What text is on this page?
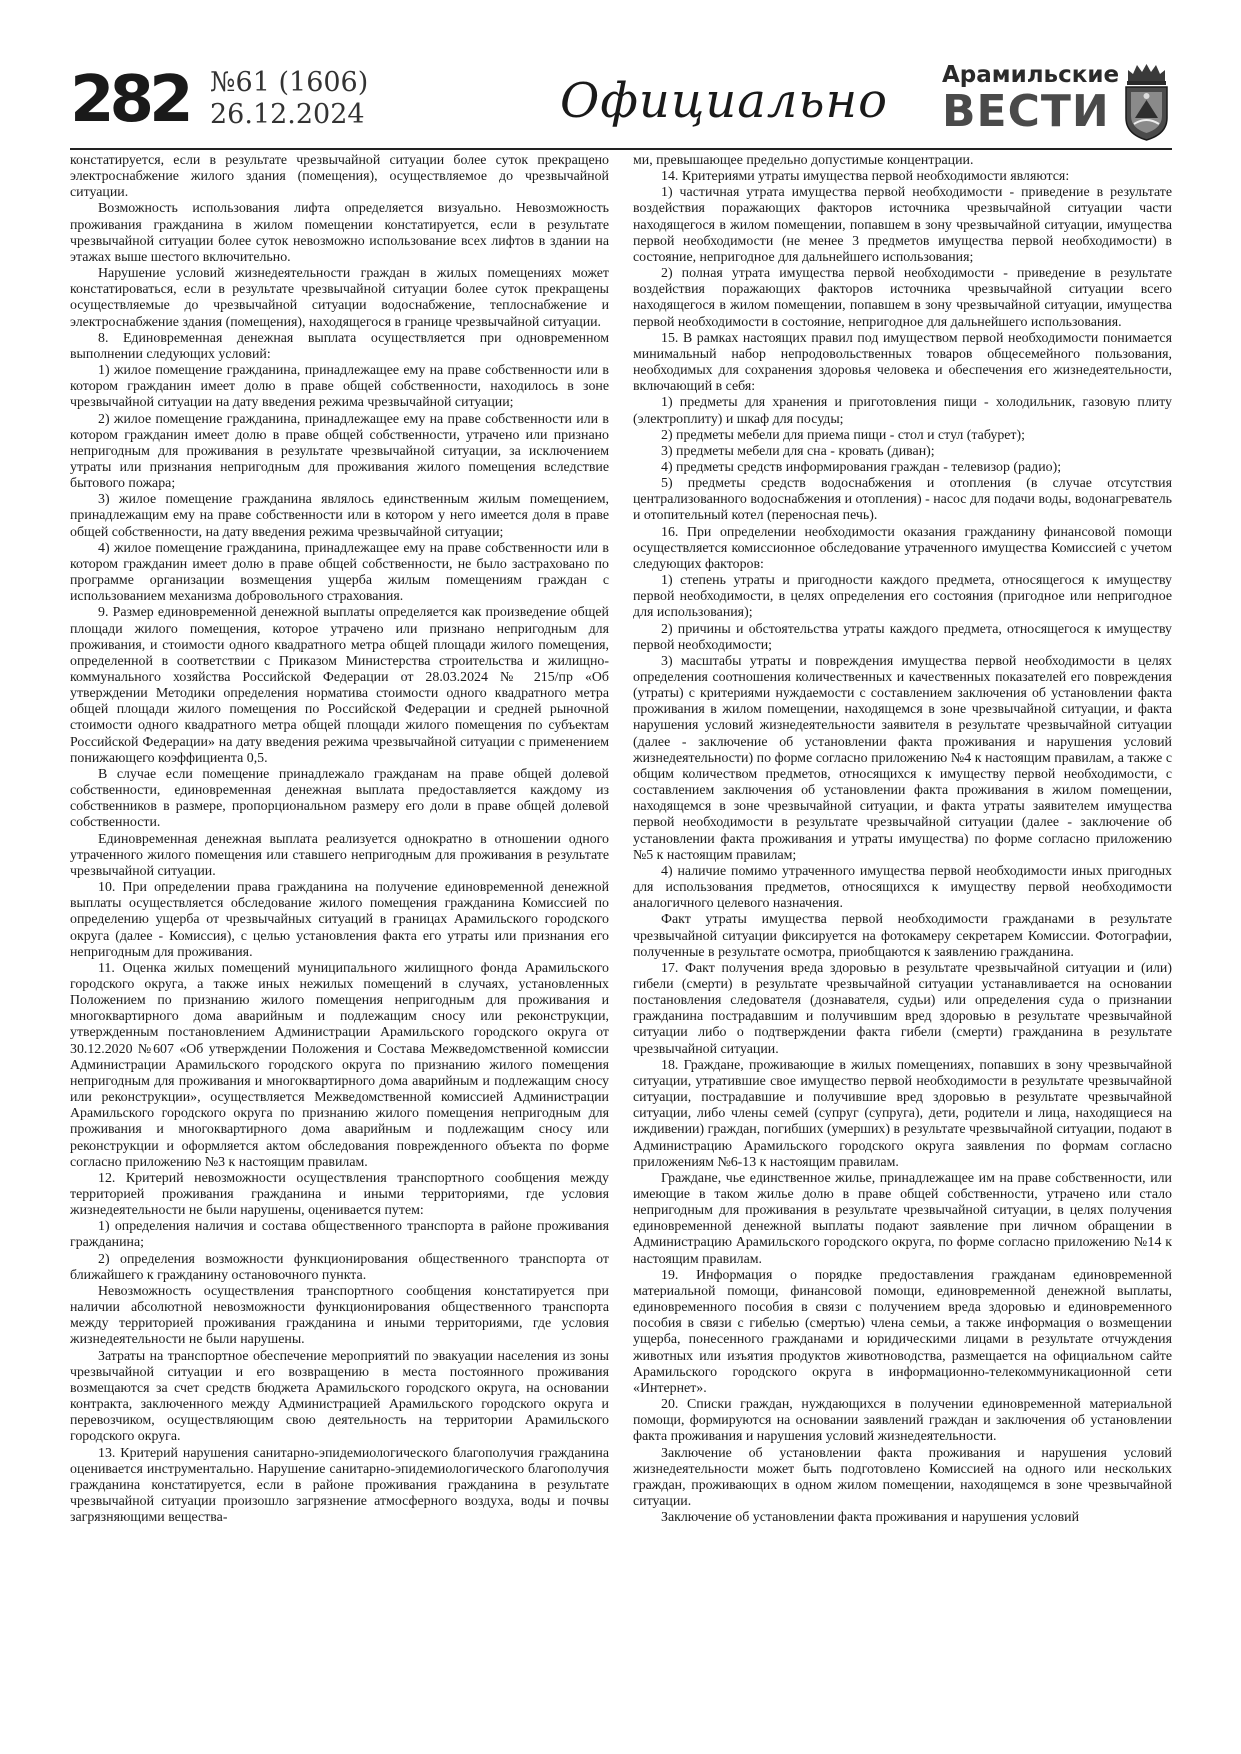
282 №61 (1606)
26.12.2024	Официально Арамильские
ВЕСТИ

констатируется, если в результате чрезвычайной ситуации более суток прекращено электроснабжение жилого здания (помещения), осуществляемое до чрезвычайной ситуации.

Возможность использования лифта определяется визуально. Невозможность проживания гражданина в жилом помещении констатируется, если в результате чрезвычайной ситуации более суток невозможно использование всех лифтов в здании на этажах выше шестого включительно.

Нарушение условий жизнедеятельности граждан в жилых помещениях может констатироваться, если в результате чрезвычайной ситуации более суток прекращены осуществляемые до чрезвычайной ситуации водоснабжение, теплоснабжение и электроснабжение здания (помещения), находящегося в границе чрезвычайной ситуации.

8. Единовременная денежная выплата осуществляется при одновременном выполнении следующих условий:

1) жилое помещение гражданина, принадлежащее ему на праве собственности или в котором гражданин имеет долю в праве общей собственности, находилось в зоне чрезвычайной ситуации на дату введения режима чрезвычайной ситуации;

2) жилое помещение гражданина, принадлежащее ему на праве собственности или в котором гражданин имеет долю в праве общей собственности, утрачено или признано непригодным для проживания в результате чрезвычайной ситуации, за исключением утраты или признания непригодным для проживания жилого помещения вследствие бытового пожара;

3) жилое помещение гражданина являлось единственным жилым помещением, принадлежащим ему на праве собственности или в котором у него имеется доля в праве общей собственности, на дату введения режима чрезвычайной ситуации;

4) жилое помещение гражданина, принадлежащее ему на праве собственности или в котором гражданин имеет долю в праве общей собственности, не было застраховано по программе организации возмещения ущерба жилым помещениям граждан с использованием механизма добровольного страхования.

9. Размер единовременной денежной выплаты определяется как произведение общей площади жилого помещения, которое утрачено или признано непригодным для проживания, и стоимости одного квадратного метра общей площади жилого помещения, определенной в соответствии с Приказом Министерства строительства и жилищно-коммунального хозяйства Российской Федерации от 28.03.2024 № 215/пр «Об утверждении Методики определения норматива стоимости одного квадратного метра общей площади жилого помещения по Российской Федерации и средней рыночной стоимости одного квадратного метра общей площади жилого помещения по субъектам Российской Федерации» на дату введения режима чрезвычайной ситуации с применением понижающего коэффициента 0,5.

В случае если помещение принадлежало гражданам на праве общей долевой собственности, единовременная денежная выплата предоставляется каждому из собственников в размере, пропорциональном размеру его доли в праве общей долевой собственности.

Единовременная денежная выплата реализуется однократно в отношении одного утраченного жилого помещения или ставшего непригодным для проживания в результате чрезвычайной ситуации.

10. При определении права гражданина на получение единовременной денежной выплаты осуществляется обследование жилого помещения гражданина Комиссией по определению ущерба от чрезвычайных ситуаций в границах Арамильского городского округа (далее - Комиссия), с целью установления факта его утраты или признания его непригодным для проживания.

11. Оценка жилых помещений муниципального жилищного фонда Арамильского городского округа, а также иных нежилых помещений в случаях, установленных Положением по признанию жилого помещения непригодным для проживания и многоквартирного дома аварийным и подлежащим сносу или реконструкции, утвержденным постановлением Администрации Арамильского городского округа от 30.12.2020 №607 «Об утверждении Положения и Состава Межведомственной комиссии Администрации Арамильского городского округа по признанию жилого помещения непригодным для проживания и многоквартирного дома аварийным и подлежащим сносу или реконструкции», осуществляется Межведомственной комиссией Администрации Арамильского городского округа по признанию жилого помещения непригодным для проживания и многоквартирного дома аварийным и подлежащим сносу или реконструкции и оформляется актом обследования поврежденного объекта по форме согласно приложению №3 к настоящим правилам.

12. Критерий невозможности осуществления транспортного сообщения между территорией проживания гражданина и иными территориями, где условия жизнедеятельности не были нарушены, оценивается путем:

1) определения наличия и состава общественного транспорта в районе проживания гражданина;

2) определения возможности функционирования общественного транспорта от ближайшего к гражданину остановочного пункта.

Невозможность осуществления транспортного сообщения констатируется при наличии абсолютной невозможности функционирования общественного транспорта между территорией проживания гражданина и иными территориями, где условия жизнедеятельности не были нарушены.

Затраты на транспортное обеспечение мероприятий по эвакуации населения из зоны чрезвычайной ситуации и его возвращению в места постоянного проживания возмещаются за счет средств бюджета Арамильского городского округа, на основании контракта, заключенного между Администрацией Арамильского городского округа и перевозчиком, осуществляющим свою деятельность на территории Арамильского городского округа.

13. Критерий нарушения санитарно-эпидемиологического благополучия гражданина оценивается инструментально. Нарушение санитарно-эпидемиологического благополучия гражданина констатируется, если в районе проживания гражданина в результате чрезвычайной ситуации произошло загрязнение атмосферного воздуха, воды и почвы загрязняющими вещества-

ми, превышающее предельно допустимые концентрации.

14. Критериями утраты имущества первой необходимости являются:

1) частичная утрата имущества первой необходимости - приведение в результате воздействия поражающих факторов источника чрезвычайной ситуации части находящегося в жилом помещении, попавшем в зону чрезвычайной ситуации, имущества первой необходимости (не менее 3 предметов имущества первой необходимости) в состояние, непригодное для дальнейшего использования;

2) полная утрата имущества первой необходимости - приведение в результате воздействия поражающих факторов источника чрезвычайной ситуации всего находящегося в жилом помещении, попавшем в зону чрезвычайной ситуации, имущества первой необходимости в состояние, непригодное для дальнейшего использования.

15. В рамках настоящих правил под имуществом первой необходимости понимается минимальный набор непродовольственных товаров общесемейного пользования, необходимых для сохранения здоровья человека и обеспечения его жизнедеятельности, включающий в себя:

1) предметы для хранения и приготовления пищи - холодильник, газовую плиту (электроплиту) и шкаф для посуды;

2) предметы мебели для приема пищи - стол и стул (табурет);

3) предметы мебели для сна - кровать (диван);

4) предметы средств информирования граждан - телевизор (радио);

5) предметы средств водоснабжения и отопления (в случае отсутствия централизованного водоснабжения и отопления) - насос для подачи воды, водонагреватель и отопительный котел (переносная печь).

16. При определении необходимости оказания гражданину финансовой помощи осуществляется комиссионное обследование утраченного имущества Комиссией с учетом следующих факторов:

1) степень утраты и пригодности каждого предмета, относящегося к имуществу первой необходимости, в целях определения его состояния (пригодное или непригодное для использования);

2) причины и обстоятельства утраты каждого предмета, относящегося к имуществу первой необходимости;

3) масштабы утраты и повреждения имущества первой необходимости в целях определения соотношения количественных и качественных показателей его повреждения (утраты) с критериями нуждаемости с составлением заключения об установлении факта проживания в жилом помещении, находящемся в зоне чрезвычайной ситуации, и факта нарушения условий жизнедеятельности заявителя в результате чрезвычайной ситуации (далее - заключение об установлении факта проживания и нарушения условий жизнедеятельности) по форме согласно приложению №4 к настоящим правилам, а также с общим количеством предметов, относящихся к имуществу первой необходимости, с составлением заключения об установлении факта проживания в жилом помещении, находящемся в зоне чрезвычайной ситуации, и факта утраты заявителем имущества первой необходимости в результате чрезвычайной ситуации (далее - заключение об установлении факта проживания и утраты имущества) по форме согласно приложению №5 к настоящим правилам;

4) наличие помимо утраченного имущества первой необходимости иных пригодных для использования предметов, относящихся к имуществу первой необходимости аналогичного целевого назначения.

Факт утраты имущества первой необходимости гражданами в результате чрезвычайной ситуации фиксируется на фотокамеру секретарем Комиссии. Фотографии, полученные в результате осмотра, приобщаются к заявлению гражданина.

17. Факт получения вреда здоровью в результате чрезвычайной ситуации и (или) гибели (смерти) в результате чрезвычайной ситуации устанавливается на основании постановления следователя (дознавателя, судьи) или определения суда о признании гражданина пострадавшим и получившим вред здоровью в результате чрезвычайной ситуации либо о подтверждении факта гибели (смерти) гражданина в результате чрезвычайной ситуации.

18. Граждане, проживающие в жилых помещениях, попавших в зону чрезвычайной ситуации, утратившие свое имущество первой необходимости в результате чрезвычайной ситуации, пострадавшие и получившие вред здоровью в результате чрезвычайной ситуации, либо члены семей (супруг (супруга), дети, родители и лица, находящиеся на иждивении) граждан, погибших (умерших) в результате чрезвычайной ситуации, подают в Администрацию Арамильского городского округа заявления по формам согласно приложениям №6-13 к настоящим правилам.

Граждане, чье единственное жилье, принадлежащее им на праве собственности, или имеющие в таком жилье долю в праве общей собственности, утрачено или стало непригодным для проживания в результате чрезвычайной ситуации, в целях получения единовременной денежной выплаты подают заявление при личном обращении в Администрацию Арамильского городского округа, по форме согласно приложению №14 к настоящим правилам.

19. Информация о порядке предоставления гражданам единовременной материальной помощи, финансовой помощи, единовременной денежной выплаты, единовременного пособия в связи с получением вреда здоровью и единовременного пособия в связи с гибелью (смертью) члена семьи, а также информация о возмещении ущерба, понесенного гражданами и юридическими лицами в результате отчуждения животных или изъятия продуктов животноводства, размещается на официальном сайте Арамильского городского округа в информационно-телекоммуникационной сети «Интернет».

20. Списки граждан, нуждающихся в получении единовременной материальной помощи, формируются на основании заявлений граждан и заключения об установлении факта проживания и нарушения условий жизнедеятельности.

Заключение об установлении факта проживания и нарушения условий жизнедеятельности может быть подготовлено Комиссией на одного или нескольких граждан, проживающих в одном жилом помещении, находящемся в зоне чрезвычайной ситуации.

Заключение об установлении факта проживания и нарушения условий
